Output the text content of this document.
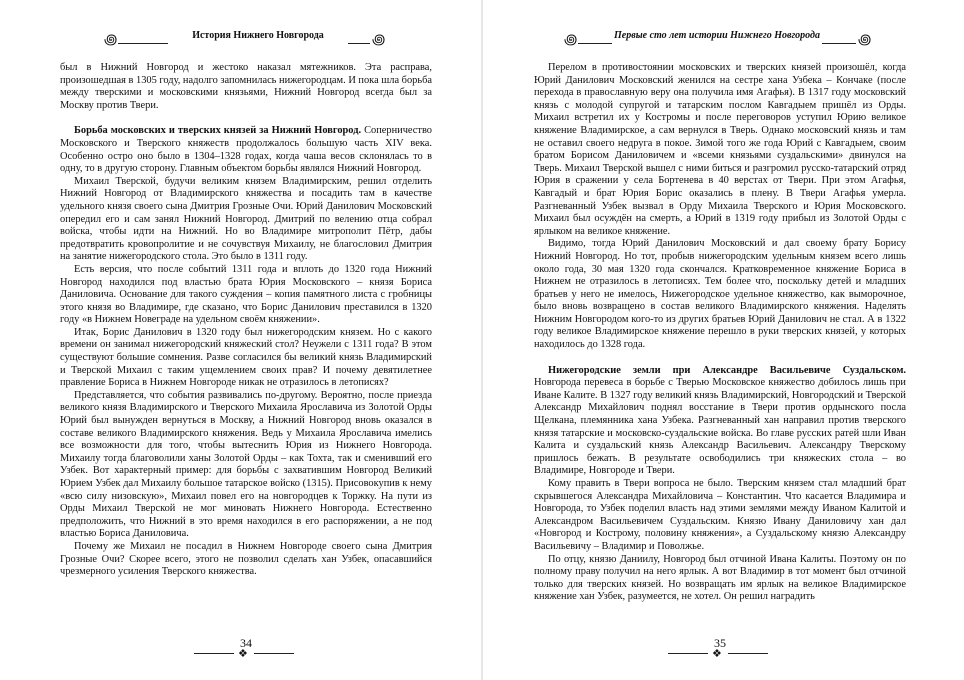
꩜	История Нижнего Новгорода	꩜

был в Нижний Новгород и жестоко наказал мятежников. Эта расправа, произошедшая в 1305 году, надолго запомнилась нижегородцам. И пока шла борьба между тверскими и московскими князьями, Нижний Новгород всегда был за Москву против Твери.

Борьба московских и тверских князей за Нижний Новгород. Соперничество Московского и Тверского княжеств продолжалось большую часть XIV века. Особенно остро оно было в 1304–1328 годах, когда чаша весов склонялась то в одну, то в другую сторону. Главным объектом борьбы являлся Нижний Новгород.

Михаил Тверской, будучи великим князем Владимирским, решил отделить Нижний Новгород от Владимирского княжества и посадить там в качестве удельного князя своего сына Дмитрия Грозные Очи. Юрий Данилович Московский опередил его и сам занял Нижний Новгород. Дмитрий по велению отца собрал войска, чтобы идти на Нижний. Но во Владимире митрополит Пётр, дабы предотвратить кровопролитие и не сочувствуя Михаилу, не благословил Дмитрия на занятие нижегородского стола. Это было в 1311 году.

Есть версия, что после событий 1311 года и вплоть до 1320 года Нижний Новгород находился под властью брата Юрия Московского – князя Бориса Даниловича. Основание для такого суждения – копия памятного листа с гробницы этого князя во Владимире, где сказано, что Борис Данилович преставился в 1320 году «в Нижнем Новеграде на удельном своём княжении».

Итак, Борис Данилович в 1320 году был нижегородским князем. Но с какого времени он занимал нижегородский княжеский стол? Неужели с 1311 года? В этом существуют большие сомнения. Разве согласился бы великий князь Владимирский и Тверской Михаил с таким ущемлением своих прав? И почему девятилетнее правление Бориса в Нижнем Новгороде никак не отразилось в летописях?

Представляется, что события развивались по-другому. Вероятно, после приезда великого князя Владимирского и Тверского Михаила Ярославича из Золотой Орды Юрий был вынужден вернуться в Москву, а Нижний Новгород вновь оказался в составе великого Владимирского княжения. Ведь у Михаила Ярославича имелись все возможности для того, чтобы вытеснить Юрия из Нижнего Новгорода. Михаилу тогда благоволили ханы Золотой Орды – как Тохта, так и сменивший его Узбек. Вот характерный пример: для борьбы с захватившим Новгород Великий Юрием Узбек дал Михаилу большое татарское войско (1315). Присовокупив к нему «всю силу низовскую», Михаил повел его на новгородцев к Торжку. На пути из Орды Михаил Тверской не мог миновать Нижнего Новгорода. Естественно предположить, что Нижний в это время находился в его распоряжении, а не под властью Бориса Даниловича.

Почему же Михаил не посадил в Нижнем Новгороде своего сына Дмитрия Грозные Очи? Скорее всего, этого не позволил сделать хан Узбек, опасавшийся чрезмерного усиления Тверского княжества.

34
❖
꩜	Первые сто лет истории Нижнего Новгорода	꩜

Перелом в противостоянии московских и тверских князей произошёл, когда Юрий Данилович Московский женился на сестре хана Узбека – Кончаке (после перехода в православную веру она получила имя Агафья). В 1317 году московский князь с молодой супругой и татарским послом Кавгадыем пришёл из Орды. Михаил встретил их у Костромы и после переговоров уступил Юрию великое княжение Владимирское, а сам вернулся в Тверь. Однако московский князь и там не оставил своего недруга в покое. Зимой того же года Юрий с Кавгадыем, своим братом Борисом Даниловичем и «всеми князьями суздальскими» двинулся на Тверь. Михаил Тверской вышел с ними биться и разгромил русско-татарский отряд Юрия в сражении у села Бортенева в 40 верстах от Твери. При этом Агафья, Кавгадый и брат Юрия Борис оказались в плену. В Твери Агафья умерла. Разгневанный Узбек вызвал в Орду Михаила Тверского и Юрия Московского. Михаил был осуждён на смерть, а Юрий в 1319 году прибыл из Золотой Орды с ярлыком на великое княжение.

Видимо, тогда Юрий Данилович Московский и дал своему брату Борису Нижний Новгород. Но тот, пробыв нижегородским удельным князем всего лишь около года, 30 мая 1320 года скончался. Кратковременное княжение Бориса в Нижнем не отразилось в летописях. Тем более что, поскольку детей и младших братьев у него не имелось, Нижегородское удельное княжество, как выморочное, было вновь возвращено в состав великого Владимирского княжения. Наделять Нижним Новгородом кого-то из других братьев Юрий Данилович не стал. А в 1322 году великое Владимирское княжение перешло в руки тверских князей, у которых находилось до 1328 года.

Нижегородские земли при Александре Васильевиче Суздальском. Новгорода перевеса в борьбе с Тверью Московское княжество добилось лишь при Иване Калите. В 1327 году великий князь Владимирский, Новгородский и Тверской Александр Михайлович поднял восстание в Твери против ордынского посла Щелкана, племянника хана Узбека. Разгневанный хан направил против тверского князя татарские и московско-суздальские войска. Во главе русских ратей шли Иван Калита и суздальский князь Александр Васильевич. Александру Тверскому пришлось бежать. В результате освободились три княжеских стола – во Владимире, Новгороде и Твери.

Кому править в Твери вопроса не было. Тверским князем стал младший брат скрывшегося Александра Михайловича – Константин. Что касается Владимира и Новгорода, то Узбек поделил власть над этими землями между Иваном Калитой и Александром Васильевичем Суздальским. Князю Ивану Даниловичу хан дал «Новгород и Кострому, половину княжения», а Суздальскому князю Александру Васильевичу – Владимир и Поволжье.

По отцу, князю Даниилу, Новгород был отчиной Ивана Калиты. Поэтому он по полному праву получил на него ярлык. А вот Владимир в тот момент был отчиной только для тверских князей. Но возвращать им ярлык на великое Владимирское княжение хан Узбек, разумеется, не хотел. Он решил наградить

35
❖
